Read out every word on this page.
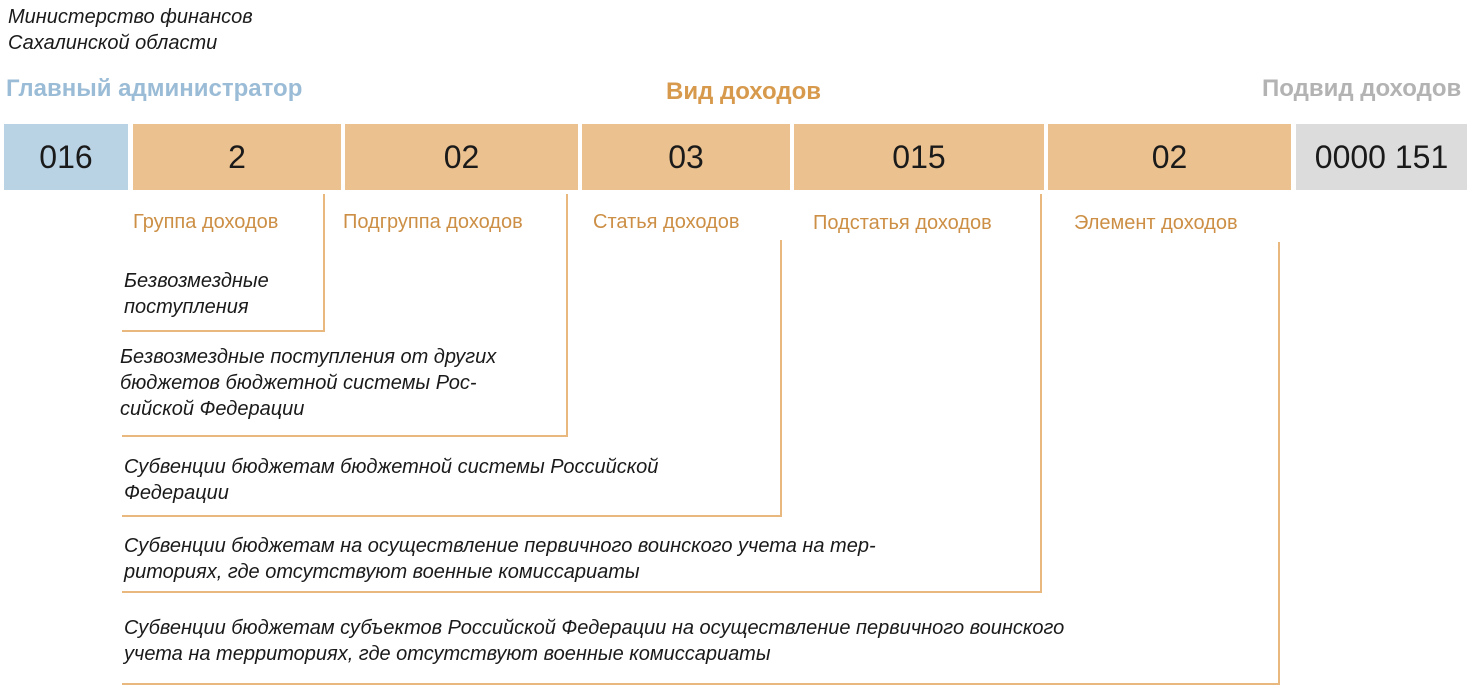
Министерство финансов
Сахалинской области
Главный администратор	Вид доходов	Подвид доходов
016	2	02	03	015	02	0000 151
Группа доходов	Подгруппа доходов	Статья доходов	Подстатья доходов	Элемент доходов
Безвозмездные
поступления
Безвозмездные поступления от других
бюджетов бюджетной системы Рос-
сийской Федерации
Субвенции бюджетам бюджетной системы Российской
Федерации
Субвенции бюджетам на осуществление первичного воинского учета на тер-
риториях, где отсутствуют военные комиссариаты
Субвенции бюджетам субъектов Российской Федерации на осуществление первичного воинского
учета на территориях, где отсутствуют военные комиссариаты
